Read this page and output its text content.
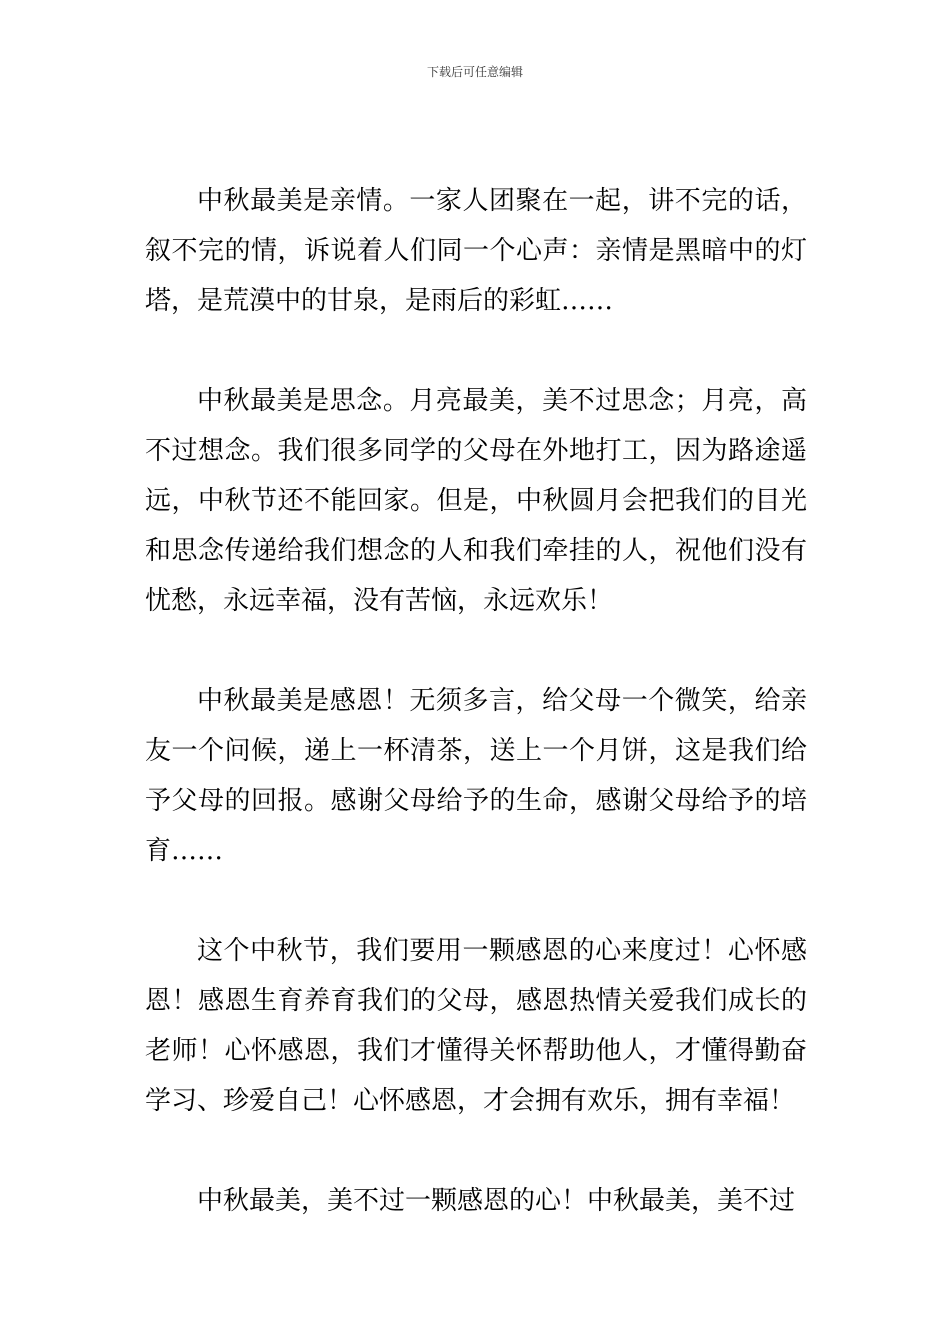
下载后可任意编辑

中秋最美是亲情。一家人团聚在一起，讲不完的话，叙不完的情，诉说着人们同一个心声：亲情是黑暗中的灯塔，是荒漠中的甘泉，是雨后的彩虹……

中秋最美是思念。月亮最美，美不过思念；月亮，高不过想念。我们很多同学的父母在外地打工，因为路途遥远，中秋节还不能回家。但是，中秋圆月会把我们的目光和思念传递给我们想念的人和我们牵挂的人，祝他们没有忧愁，永远幸福，没有苦恼，永远欢乐！

中秋最美是感恩！无须多言，给父母一个微笑，给亲友一个问候，递上一杯清茶，送上一个月饼，这是我们给予父母的回报。感谢父母给予的生命，感谢父母给予的培育……

这个中秋节，我们要用一颗感恩的心来度过！心怀感恩！感恩生育养育我们的父母，感恩热情关爱我们成长的老师！心怀感恩，我们才懂得关怀帮助他人，才懂得勤奋学习、珍爱自己！心怀感恩，才会拥有欢乐，拥有幸福！

中秋最美，美不过一颗感恩的心！中秋最美，美不过
